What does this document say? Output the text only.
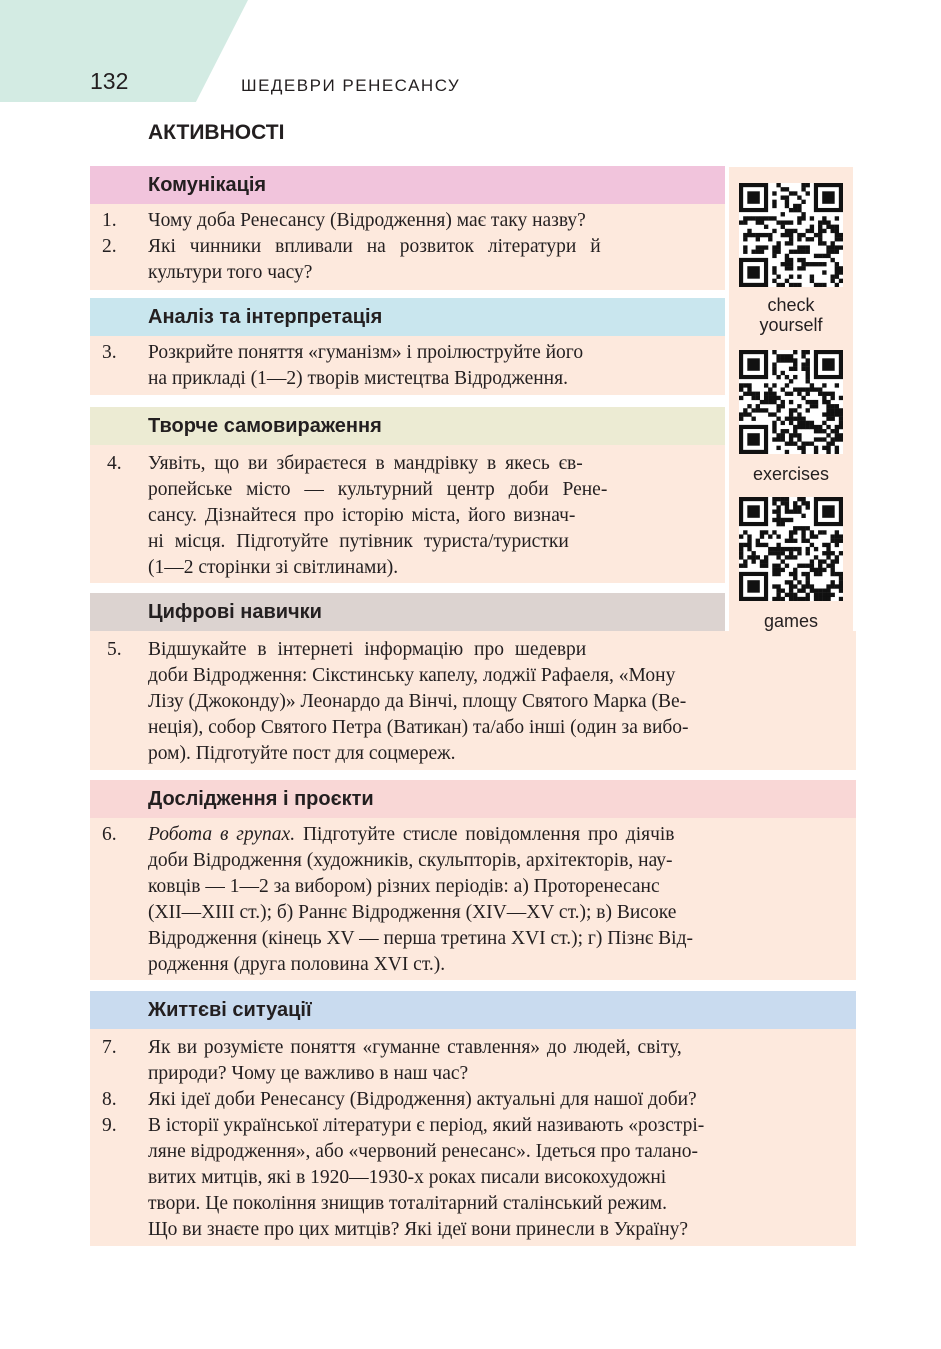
132	ШЕДЕВРИ РЕНЕСАНСУ
АКТИВНОСТІ
Комунікація
1. Чому доба Ренесансу (Відродження) має таку назву?
2. Які чинники впливали на розвиток літератури й
культури того часу?
Аналіз та інтерпретація
3. Розкрийте поняття «гуманізм» і проілюструйте його
на прикладі (1—2) творів мистецтва Відродження.
Творче самовираження
4. Уявіть, що ви збираєтеся в мандрівку в якесь єв-
ропейське місто — культурний центр доби Ренe-
сансу. Дізнайтеся про історію міста, його визнач-
ні місця. Підготуйте путівник туриста/туристки
(1—2 сторінки зі світлинами).
Цифрові навички
5. Відшукайте в інтернеті інформацію про шедеври
доби Відродження: Сікстинську капелу, лоджії Рафаеля, «Мону
Лізу (Джоконду)» Леонардо да Вінчі, площу Святого Марка (Ве-
неція), собор Святого Петра (Ватикан) та/або інші (один за вибо-
ром). Підготуйте пост для соцмереж.
Дослідження і проєкти
6. Робота в групах. Підготуйте стисле повідомлення про діячів
доби Відродження (художників, скульпторів, архітекторів, нау-
ковців — 1—2 за вибором) різних періодів: а) Проторенесанс
(XII—XIII ст.); б) Раннє Відродження (XIV—XV ст.); в) Високе
Відродження (кінець XV — перша третина XVI ст.); г) Пізнє Від-
родження (друга половина XVI ст.).
Життєві ситуації
7. Як ви розумієте поняття «гуманне ставлення» до людей, світу,
природи? Чому це важливо в наш час?
8. Які ідеї доби Ренесансу (Відродження) актуальні для нашої доби?
9. В історії української літератури є період, який називають «розстрі-
ляне відродження», або «червоний ренесанс». Ідеться про талано-
витих митців, які в 1920—1930-х роках писали високохудожні
твори. Це покоління знищив тоталітарний сталінський режим.
Що ви знаєте про цих митців? Які ідеї вони принесли в Україну?
check
yourself
exercises
games
